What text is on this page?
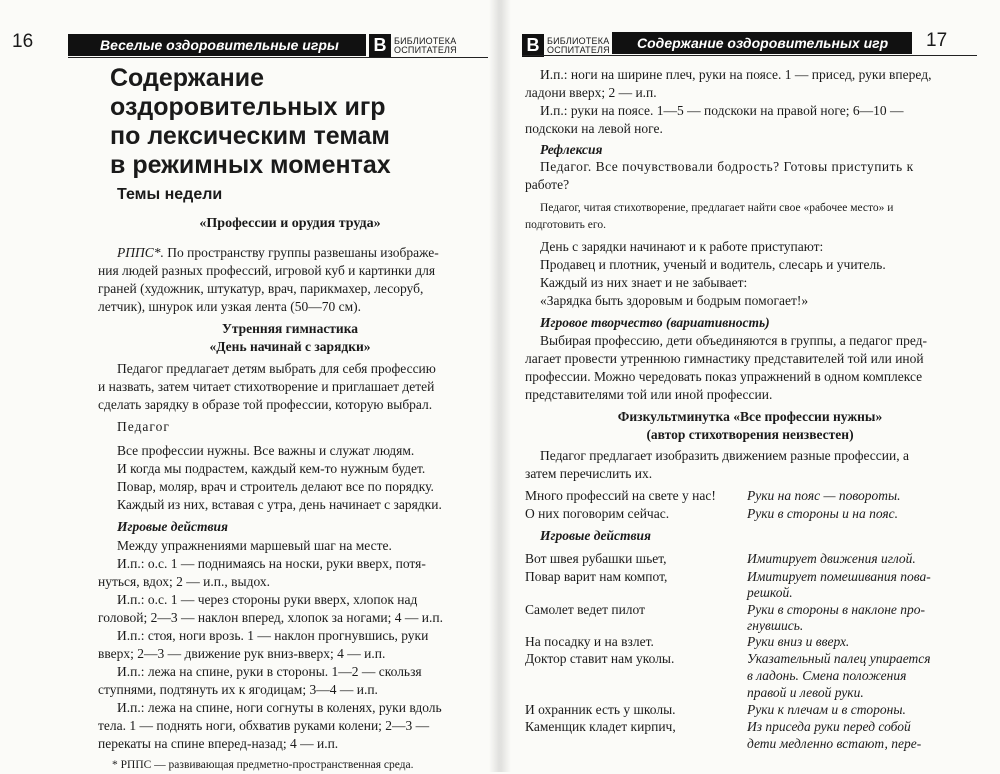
16	Веселые оздоровительные игры B БИБЛИОТЕКА
ОСПИТАТЕЛЯ
Содержание
оздоровительных игр
по лексическим темам
в режимных моментах
Темы недели
«Профессии и орудия труда»
РППС*. По пространству группы развешаны изображе-
ния людей разных профессий, игровой куб и картинки для
граней (художник, штукатур, врач, парикмахер, лесоруб,
летчик), шнурок или узкая лента (50—70 см).
Утренняя гимнастика
«День начинай с зарядки»
Педагог предлагает детям выбрать для себя профессию
и назвать, затем читает стихотворение и приглашает детей
сделать зарядку в образе той профессии, которую выбрал.
Педагог
Все профессии нужны. Все важны и служат людям.
И когда мы подрастем, каждый кем-то нужным будет.
Повар, моляр, врач и строитель делают все по порядку.
Каждый из них, вставая с утра, день начинает с зарядки.
Игровые действия
Между упражнениями маршевый шаг на месте.
И.п.: о.с. 1 — поднимаясь на носки, руки вверх, потя-
нуться, вдох; 2 — и.п., выдох.
И.п.: о.с. 1 — через стороны руки вверх, хлопок над
головой; 2—3 — наклон вперед, хлопок за ногами; 4 — и.п.
И.п.: стоя, ноги врозь. 1 — наклон прогнувшись, руки
вверх; 2—3 — движение рук вниз-вверх; 4 — и.п.
И.п.: лежа на спине, руки в стороны. 1—2 — скользя
ступнями, подтянуть их к ягодицам; 3—4 — и.п.
И.п.: лежа на спине, ноги согнуты в коленях, руки вдоль
тела. 1 — поднять ноги, обхватив руками колени; 2—3 —
перекаты на спине вперед-назад; 4 — и.п.
* РППС — развивающая предметно-пространственная среда.
B БИБЛИОТЕКА
ОСПИТАТЕЛЯ Содержание оздоровительных игр 17
И.п.: ноги на ширине плеч, руки на поясе. 1 — присед, руки вперед,
ладони вверх; 2 — и.п.
И.п.: руки на поясе. 1—5 — подскоки на правой ноге; 6—10 —
подскоки на левой ноге.
Рефлексия
Педагог. Все почувствовали бодрость? Готовы приступить к
работе?
Педагог, читая стихотворение, предлагает найти свое «рабочее место» и
подготовить его.
День с зарядки начинают и к работе приступают:
Продавец и плотник, ученый и водитель, слесарь и учитель.
Каждый из них знает и не забывает:
«Зарядка быть здоровым и бодрым помогает!»
Игровое творчество (вариативность)
Выбирая профессию, дети объединяются в группы, а педагог пред-
лагает провести утреннюю гимнастику представителей той или иной
профессии. Можно чередовать показ упражнений в одном комплексе
представителями той или иной профессии.
Физкультминутка «Все профессии нужны»
(автор стихотворения неизвестен)
Педагог предлагает изобразить движением разные профессии, а
затем перечислить их.
Много профессий на свете у нас! Руки на пояс — повороты.
О них поговорим сейчас.	Руки в стороны и на пояс.
Игровые действия
Вот швея рубашки шьет,
Повар варит нам компот,
Самолет ведет пилот
На посадку и на взлет.
Доктор ставит нам уколы.
И охранник есть у школы.
Каменщик кладет кирпич,
Имитирует движения иглой.
Имитирует помешивания пова-
решкой.
Руки в стороны в наклоне про-
гнувшись.
Руки вниз и вверх.
Указательный палец упирается
в ладонь. Смена положения
правой и левой руки.
Руки к плечам и в стороны.
Из приседа руки перед собой
дети медленно встают, пере-
